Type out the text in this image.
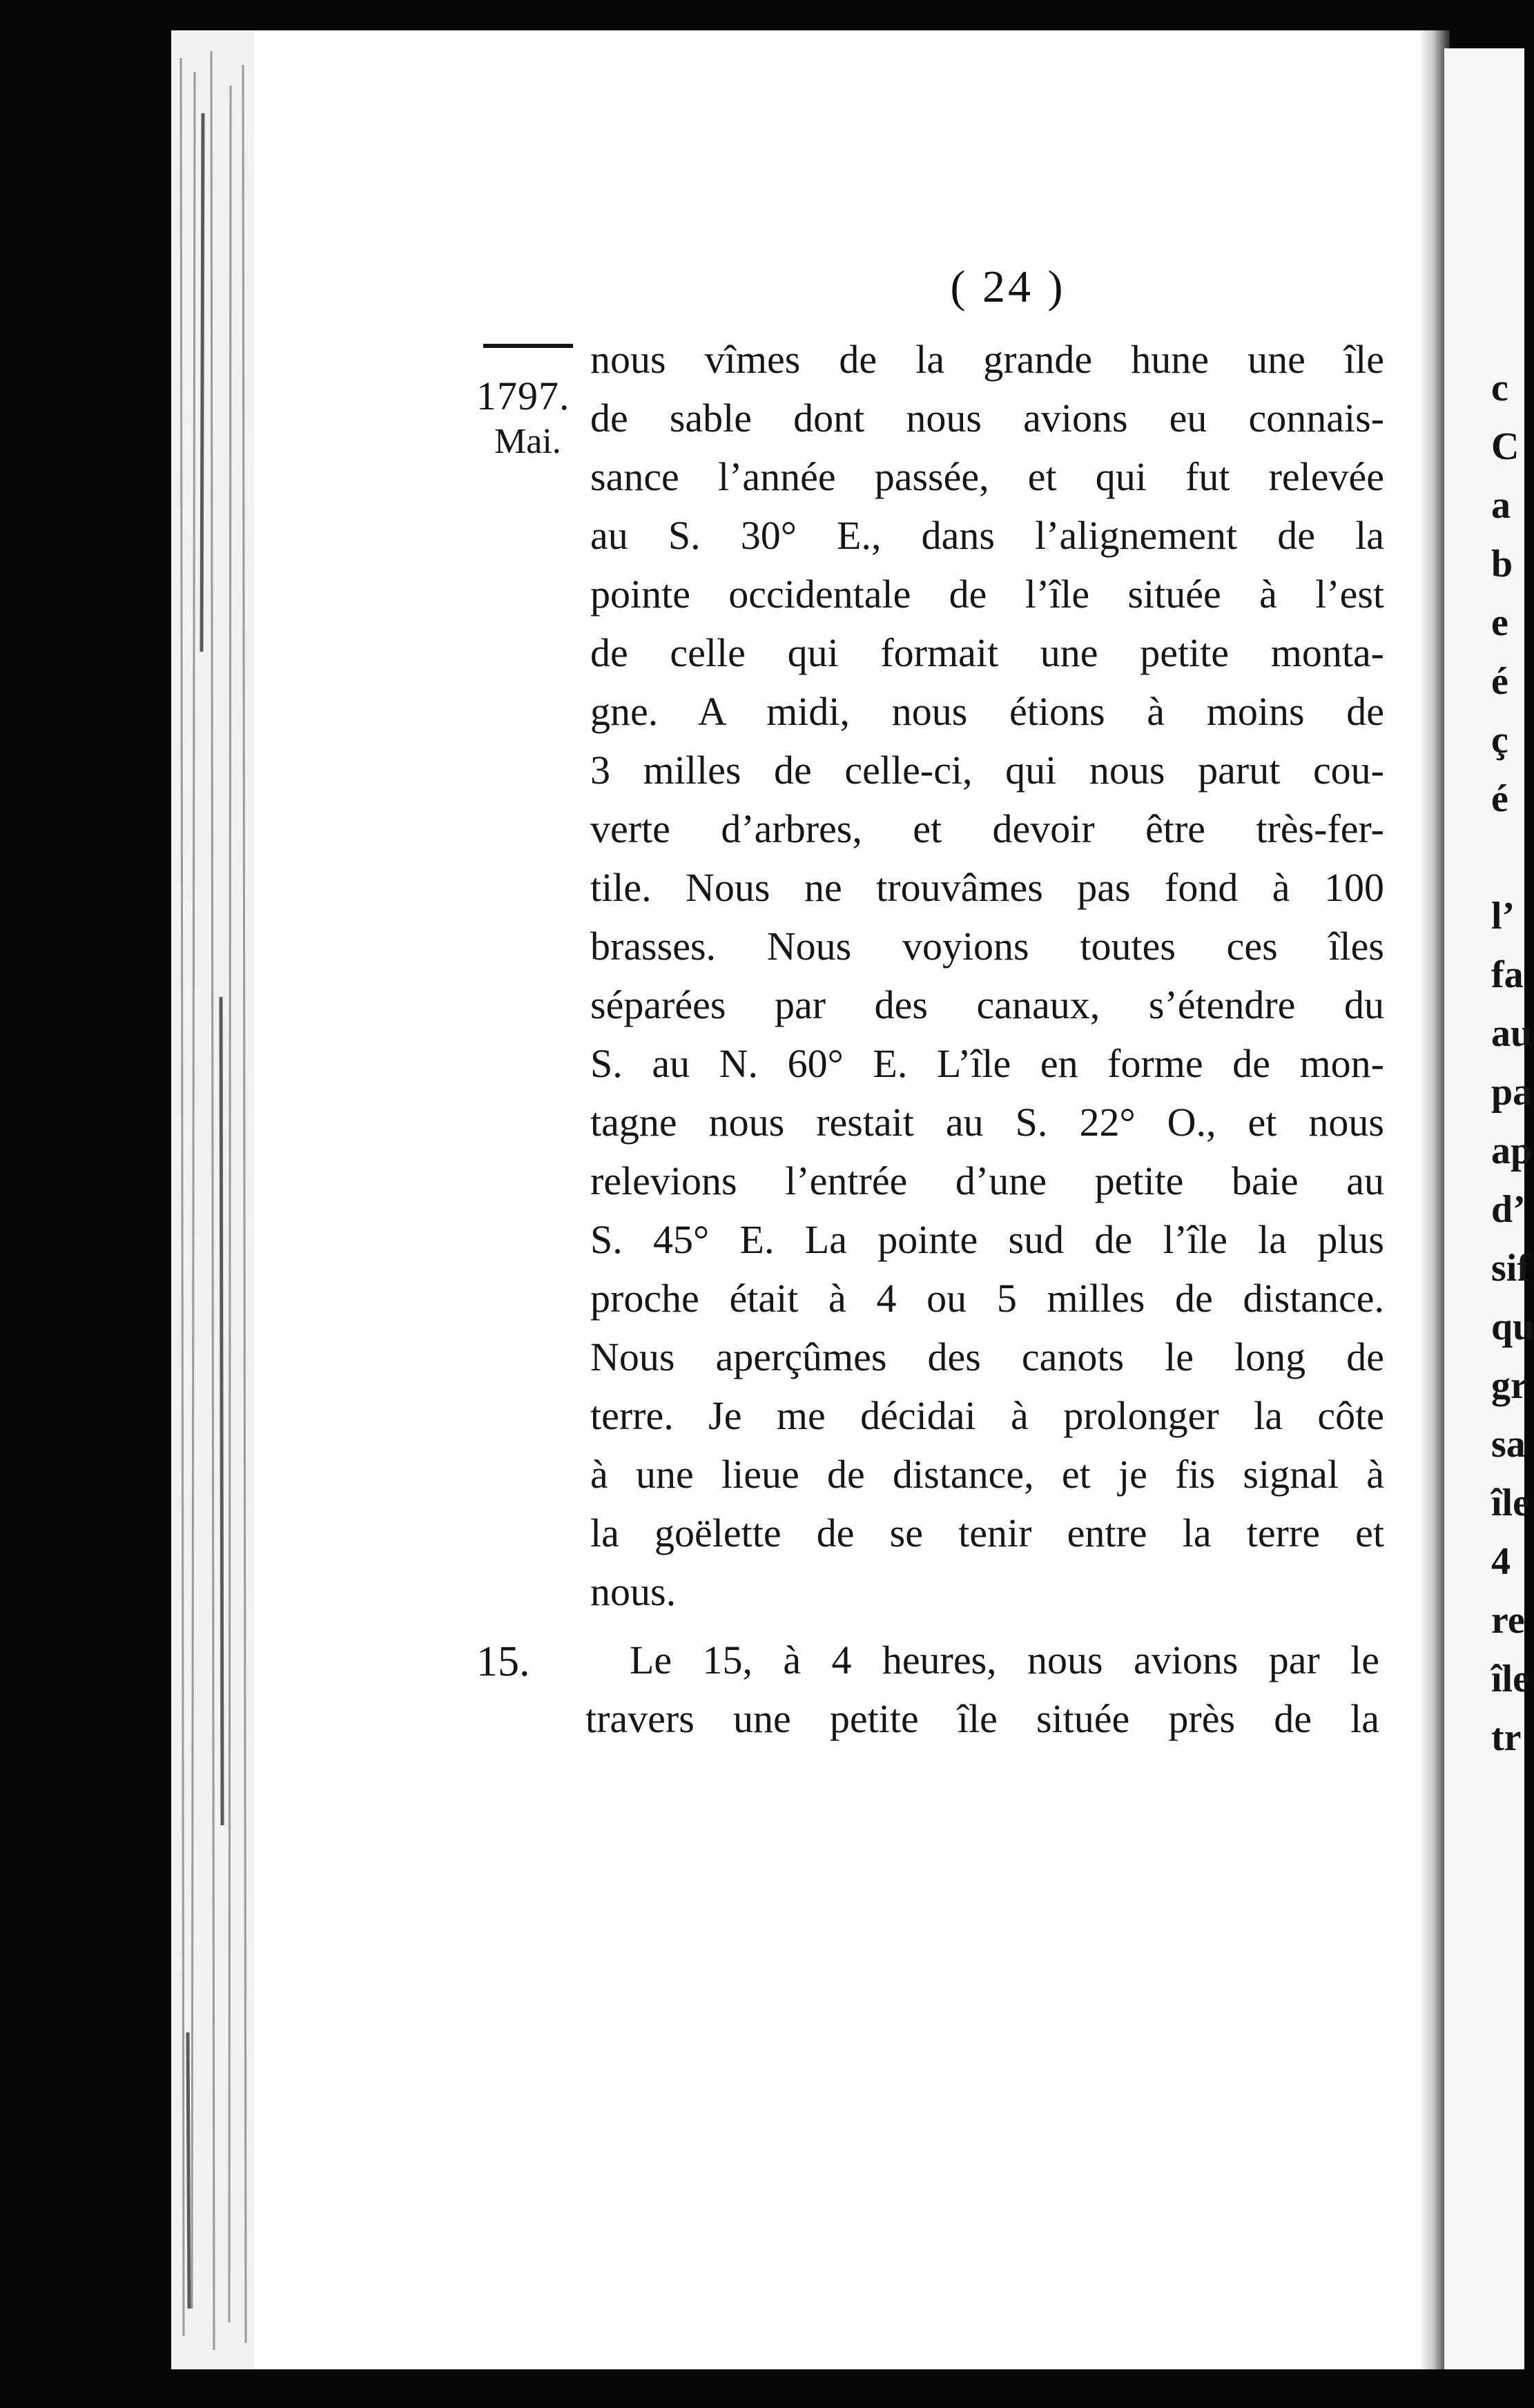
( 24 )
1797.
Mai.
15.
nous vîmes de la grande hune une île
de sable dont nous avions eu connais-
sance l’année passée, et qui fut relevée
au S. 30° E., dans l’alignement de la
pointe occidentale de l’île située à l’est
de celle qui formait une petite monta-
gne. A midi, nous étions à moins de
3 milles de celle-ci, qui nous parut cou-
verte d’arbres, et devoir être très-fer-
tile. Nous ne trouvâmes pas fond à 100
brasses. Nous voyions toutes ces îles
séparées par des canaux, s’étendre du
S. au N. 60° E. L’île en forme de mon-
tagne nous restait au S. 22° O., et nous
relevions l’entrée d’une petite baie au
S. 45° E. La pointe sud de l’île la plus
proche était à 4 ou 5 milles de distance.
Nous aperçûmes des canots le long de
terre. Je me décidai à prolonger la côte
à une lieue de distance, et je fis signal à
la goëlette de se tenir entre la terre et
nous.
Le 15, à 4 heures, nous avions par le
travers une petite île située près de la
c
C
a
b
e
é
ç
é

l’
fa
au
pa
ap
d’
sif
qu
gr
sa
île
4
re
île
tr
